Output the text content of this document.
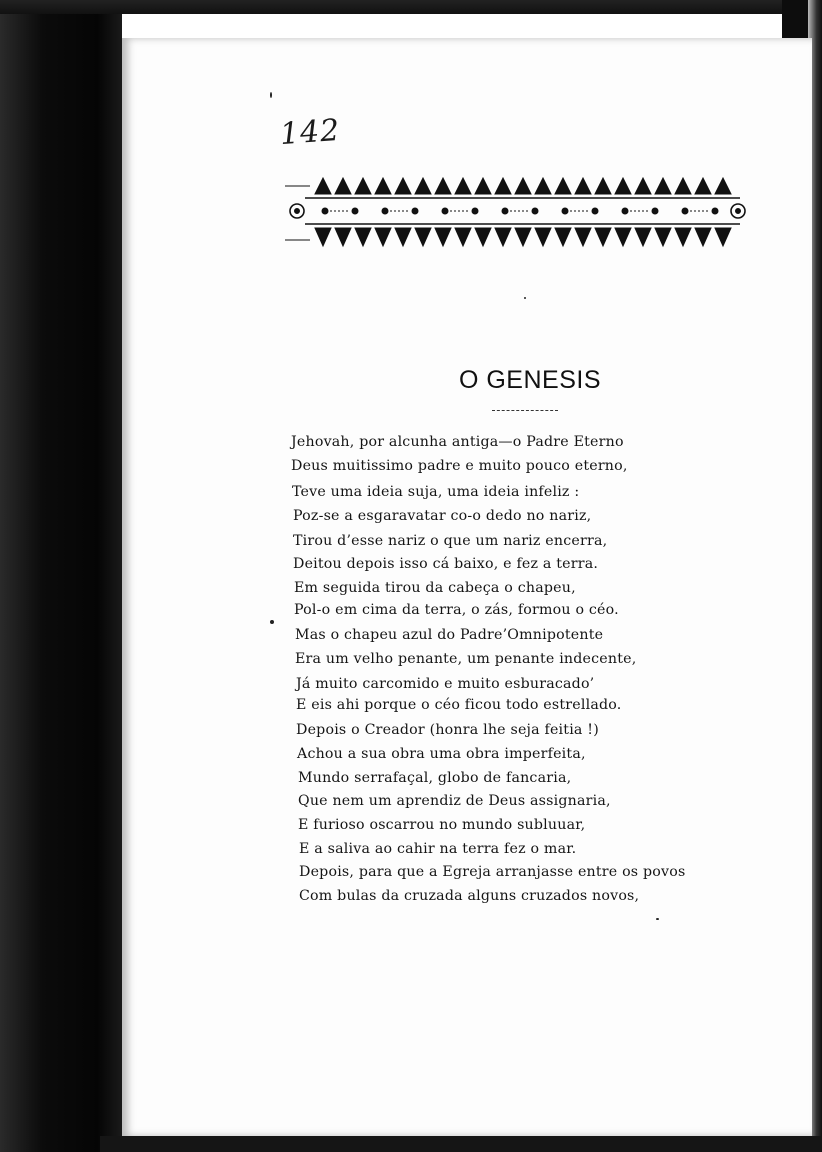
142
O GENESIS
Jehovah, por alcunha antiga—o Padre Eterno
Deus muitissimo padre e muito pouco eterno,
Teve uma ideia suja, uma ideia infeliz :
Poz-se a esgaravatar co-o dedo no nariz,
Tirou d’esse nariz o que um nariz encerra,
Deitou depois isso cá baixo, e fez a terra.
Em seguida tirou da cabeça o chapeu,
Pol-o em cima da terra, o zás, formou o céo.
Mas o chapeu azul do Padre’Omnipotente
Era um velho penante, um penante indecente,
Já muito carcomido e muito esburacado’
E eis ahi porque o céo ficou todo estrellado.
Depois o Creador (honra lhe seja feitia !)
Achou a sua obra uma obra imperfeita,
Mundo serrafaçal, globo de fancaria,
Que nem um aprendiz de Deus assignaria,
E furioso oscarrou no mundo subluuar,
E a saliva ao cahir na terra fez o mar.
Depois, para que a Egreja arranjasse entre os povos
Com bulas da cruzada alguns cruzados novos,
